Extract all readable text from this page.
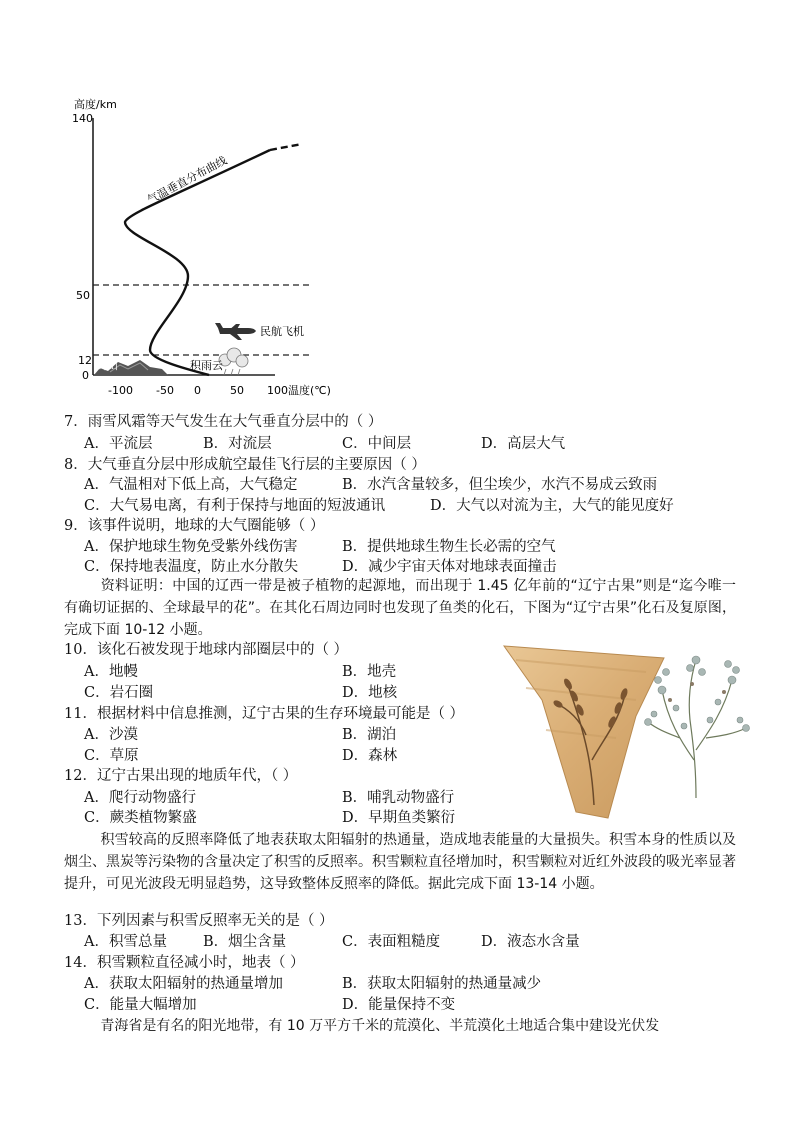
高度/km
140
50
12
0
高山	积雨云
民航飞机
气温垂直分布曲线
-100 -50 0	50 100 温度(℃)
7．雨雪风霜等天气发生在大气垂直分层中的（ ）
A．平流层	B．对流层	C．中间层	D．高层大气
8．大气垂直分层中形成航空最佳飞行层的主要原因（ ）
A．气温相对下低上高，大气稳定	B．水汽含量较多，但尘埃少，水汽不易成云致雨
C．大气易电离，有利于保持与地面的短波通讯	D．大气以对流为主，大气的能见度好
9．该事件说明，地球的大气圈能够（ ）
A．保护地球生物免受紫外线伤害	B．提供地球生物生长必需的空气
C．保持地表温度，防止水分散失	D．减少宇宙天体对地球表面撞击
资料证明：中国的辽西一带是被子植物的起源地，而出现于 1.45 亿年前的“辽宁古果”则是“迄今唯一有确切证据的、全球最早的花”。在其化石周边同时也发现了鱼类的化石，下图为“辽宁古果”化石及复原图，完成下面 10-12 小题。
10．该化石被发现于地球内部圈层中的（ ）
A．地幔	B．地壳
C．岩石圈	D．地核
11．根据材料中信息推测，辽宁古果的生存环境最可能是（ ）
A．沙漠	B．湖泊
C．草原	D．森林
12．辽宁古果出现的地质年代，（ ）
A．爬行动物盛行	B．哺乳动物盛行
C．蕨类植物繁盛	D．早期鱼类繁衍
积雪较高的反照率降低了地表获取太阳辐射的热通量，造成地表能量的大量损失。积雪本身的性质以及烟尘、黑炭等污染物的含量决定了积雪的反照率。积雪颗粒直径增加时，积雪颗粒对近红外波段的吸光率显著提升，可见光波段无明显趋势，这导致整体反照率的降低。据此完成下面 13-14 小题。
13．下列因素与积雪反照率无关的是（ ）
A．积雪总量 B．烟尘含量	C．表面粗糙度	D．液态水含量
14．积雪颗粒直径减小时，地表（ ）
A．获取太阳辐射的热通量增加	B．获取太阳辐射的热通量减少
C．能量大幅增加	D．能量保持不变
青海省是有名的阳光地带，有 10 万平方千米的荒漠化、半荒漠化土地适合集中建设光伏发
